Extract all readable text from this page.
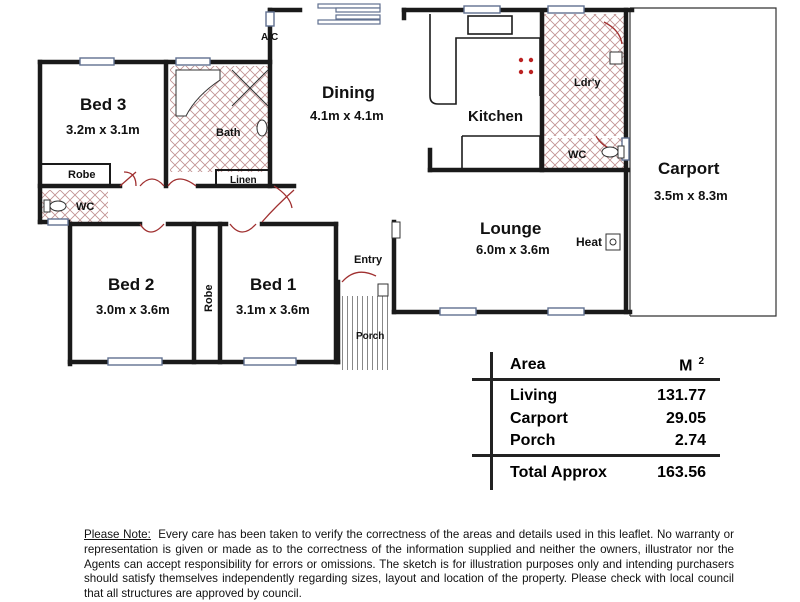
Bed 3
3.2m x 3.1m	Bath
Robe	Linen
WC
Dining
4.1m x 4.1m
A/C
Kitchen
Ldr'y
WC
Carport
3.5m x 8.3m
Lounge
6.0m x 3.6m Heat
Bed 2
3.0m x 3.6m	Robe Bed 1
3.1m x 3.6m
Entry
Porch
Area	M $^2$
Living	131.77
Carport	29.05
Porch	2.74
Total Approx	163.56
Please Note: Every care has been taken to verify the correctness of the areas and details used in this leaflet. No warranty or representation is given or made as to the correctness of the information supplied and neither the owners, illustrator nor the Agents can accept responsibility for errors or omissions. The sketch is for illustration purposes only and intending purchasers should satisfy themselves independently regarding sizes, layout and location of the property. Please check with local council that all structures are approved by council.
